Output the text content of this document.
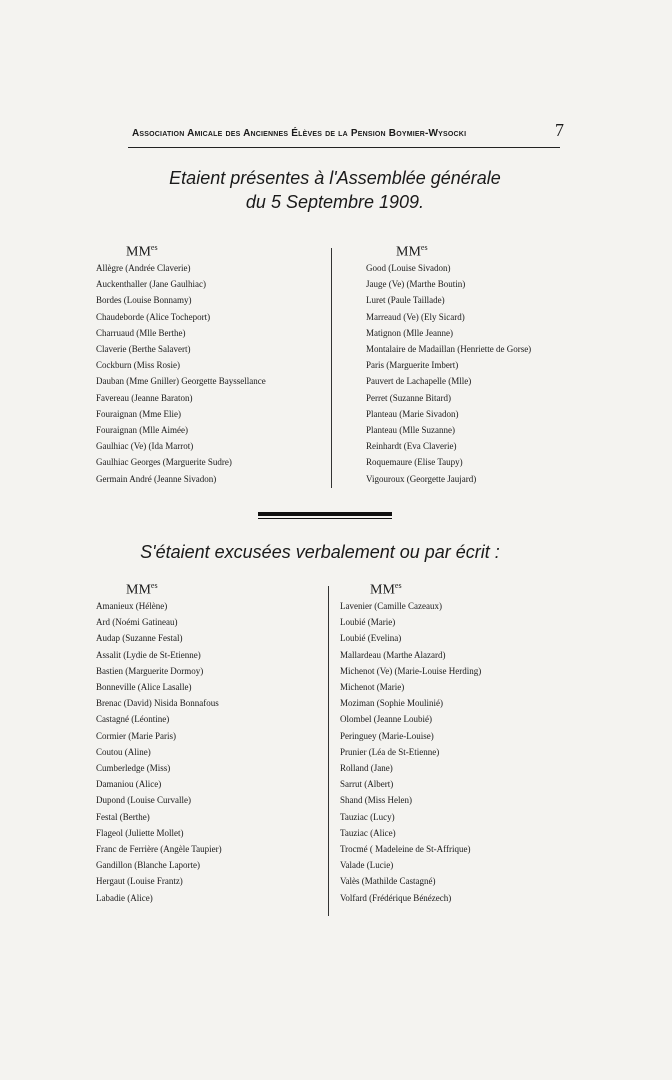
Association Amicale des Anciennes Élèves de la Pension Boymier-Wysocki	7
Etaient présentes à l'Assemblée générale
du 5 Septembre 1909.
$MM^{es}$
Allègre (Andrée Claverie)
Auckenthaller (Jane Gaulhiac)
Bordes (Louise Bonnamy)
Chaudeborde (Alice Tocheport)
Charruaud (Mlle Berthe)
Claverie (Berthe Salavert)
Cockburn (Miss Rosie)
Dauban (Mme Gniller) Georgette Bayssellance
Favereau (Jeanne Baraton)
Fouraignan (Mme Elie)
Fouraignan (Mlle Aimée)
Gaulhiac (Ve) (Ida Marrot)
Gaulhiac Georges (Marguerite Sudre)
Germain André (Jeanne Sivadon)
$MM^{es}$
Good (Louise Sivadon)
Jauge (Ve) (Marthe Boutin)
Luret (Paule Taillade)
Marreaud (Ve) (Ely Sicard)
Matignon (Mlle Jeanne)
Montalaire de Madaillan (Henriette de Gorse)
Paris (Marguerite Imbert)
Pauvert de Lachapelle (Mlle)
Perret (Suzanne Bitard)
Planteau (Marie Sivadon)
Planteau (Mlle Suzanne)
Reinhardt (Eva Claverie)
Roquemaure (Elise Taupy)
Vigouroux (Georgette Jaujard)
S'étaient excusées verbalement ou par écrit :
$MM^{es}$
Amanieux (Hélène)
Ard (Noémi Gatineau)
Audap (Suzanne Festal)
Assalit (Lydie de St-Etienne)
Bastien (Marguerite Dormoy)
Bonneville (Alice Lasalle)
Brenac (David) Nisida Bonnafous
Castagné (Léontine)
Cormier (Marie Paris)
Coutou (Aline)
Cumberledge (Miss)
Damaniou (Alice)
Dupond (Louise Curvalle)
Festal (Berthe)
Flageol (Juliette Mollet)
Franc de Ferrière (Angèle Taupier)
Gandillon (Blanche Laporte)
Hergaut (Louise Frantz)
Labadie (Alice)
$MM^{es}$
Lavenier (Camille Cazeaux)
Loubié (Marie)
Loubié (Evelina)
Mallardeau (Marthe Alazard)
Michenot (Ve) (Marie-Louise Herding)
Michenot (Marie)
Moziman (Sophie Moulinié)
Olombel (Jeanne Loubié)
Peringuey (Marie-Louise)
Prunier (Léa de St-Etienne)
Rolland (Jane)
Sarrut (Albert)
Shand (Miss Helen)
Tauziac (Lucy)
Tauziac (Alice)
Trocmé ( Madeleine de St-Affrique)
Valade (Lucie)
Valès (Mathilde Castagné)
Volfard (Frédérique Bénézech)
